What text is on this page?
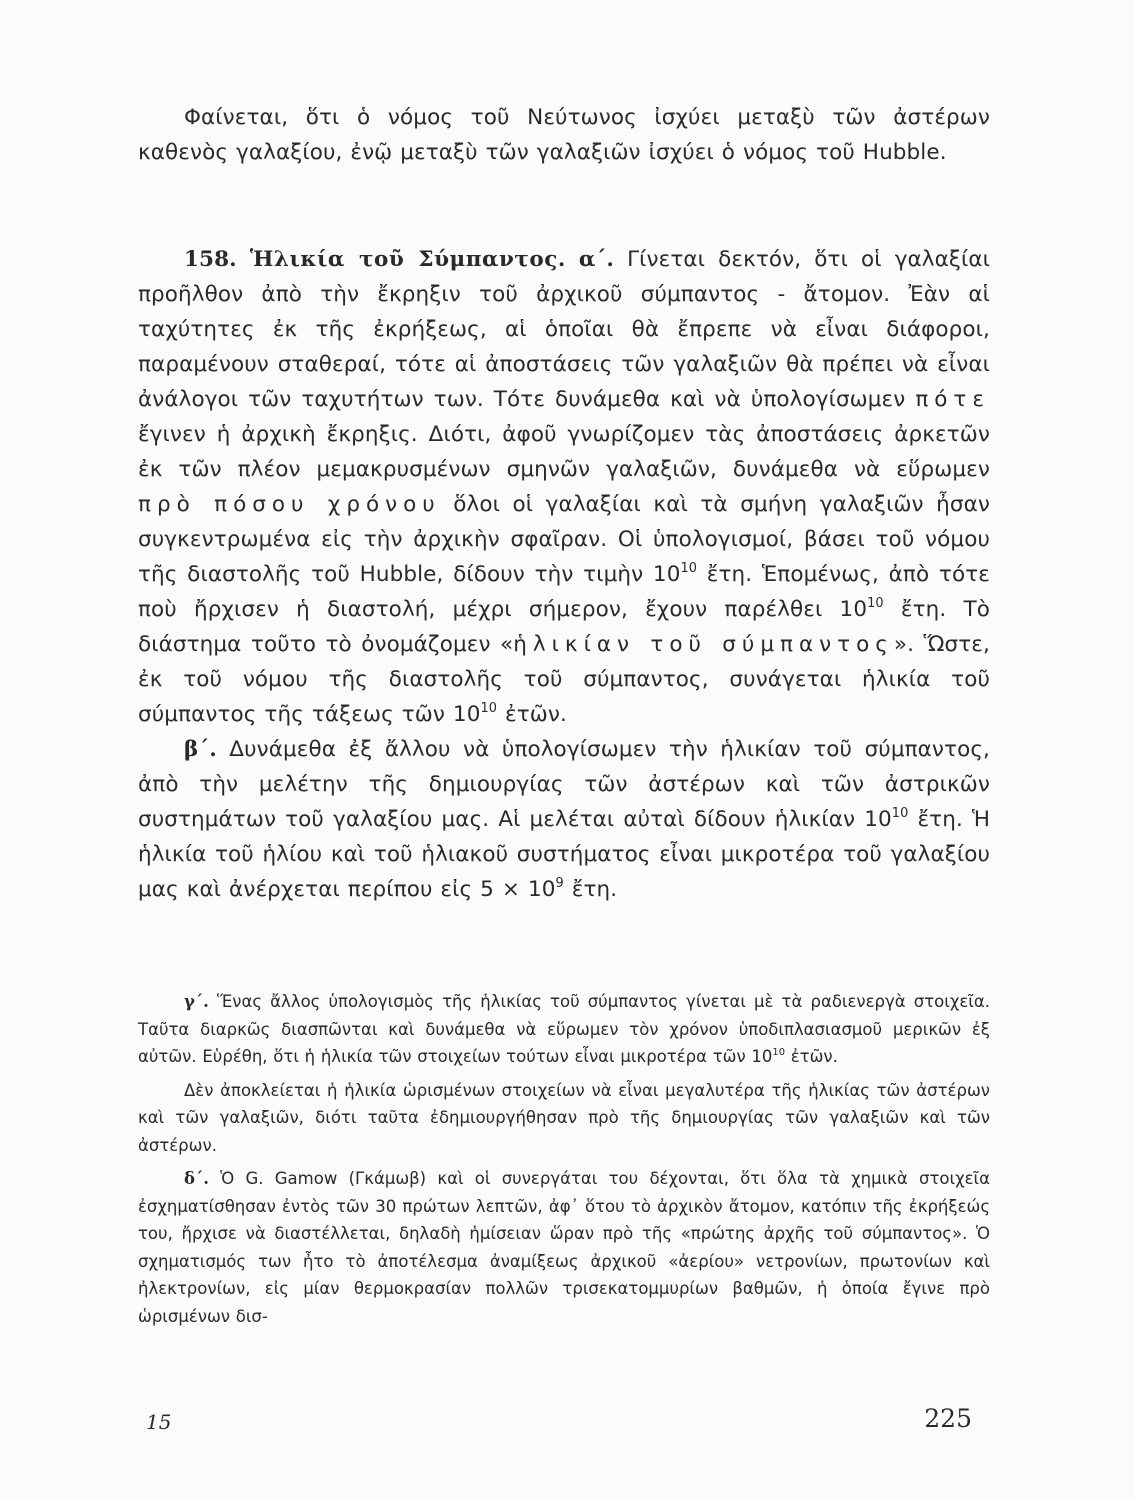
Φαίνεται, ὅτι ὁ νόμος τοῦ Νεύτωνος ἰσχύει μεταξὺ τῶν ἀστέρων καθενὸς γαλαξίου, ἐνῷ μεταξὺ τῶν γαλαξιῶν ἰσχύει ὁ νόμος τοῦ Hubble.

158. Ἡλικία τοῦ Σύμπαντος. α΄. Γίνεται δεκτόν, ὅτι οἱ γαλαξίαι προῆλθον ἀπὸ τὴν ἔκρηξιν τοῦ ἀρχικοῦ σύμπαντος - ἄτομον. Ἐὰν αἱ ταχύτητες ἐκ τῆς ἐκρήξεως, αἱ ὁποῖαι θὰ ἔπρεπε νὰ εἶναι διάφοροι, παραμένουν σταθεραί, τότε αἱ ἀποστάσεις τῶν γαλαξιῶν θὰ πρέπει νὰ εἶναι ἀνάλογοι τῶν ταχυτήτων των. Τότε δυνάμεθα καὶ νὰ ὑπολογίσωμεν πότε ἔγινεν ἡ ἀρχικὴ ἔκρηξις. Διότι, ἀφοῦ γνωρίζομεν τὰς ἀποστάσεις ἀρκετῶν ἐκ τῶν πλέον μεμακρυσμένων σμηνῶν γαλαξιῶν, δυνάμεθα νὰ εὕρωμεν πρὸ πόσου χρόνου ὅλοι οἱ γαλαξίαι καὶ τὰ σμήνη γαλαξιῶν ἦσαν συγκεντρωμένα εἰς τὴν ἀρχικὴν σφαῖραν. Οἱ ὑπολογισμοί, βάσει τοῦ νόμου τῆς διαστολῆς τοῦ Hubble, δίδουν τὴν τιμὴν $10^{10}$ ἔτη. Ἑπομένως, ἀπὸ τότε ποὺ ἤρχισεν ἡ διαστολή, μέχρι σήμερον, ἔχουν παρέλθει $10^{10}$ ἔτη. Τὸ διάστημα τοῦτο τὸ ὀνομάζομεν «ἡλικίαν τοῦ σύμπαντος». Ὥστε, ἐκ τοῦ νόμου τῆς διαστολῆς τοῦ σύμπαντος, συνάγεται ἡλικία τοῦ σύμπαντος τῆς τάξεως τῶν $10^{10}$ ἐτῶν.

β΄. Δυνάμεθα ἐξ ἄλλου νὰ ὑπολογίσωμεν τὴν ἡλικίαν τοῦ σύμπαντος, ἀπὸ τὴν μελέτην τῆς δημιουργίας τῶν ἀστέρων καὶ τῶν ἀστρικῶν συστημάτων τοῦ γαλαξίου μας. Αἱ μελέται αὐταὶ δίδουν ἡλικίαν $10^{10}$ ἔτη. Ἡ ἡλικία τοῦ ἡλίου καὶ τοῦ ἡλιακοῦ συστήματος εἶναι μικροτέρα τοῦ γαλαξίου μας καὶ ἀνέρχεται περίπου εἰς $5 \times 10^9$ ἔτη.

γ΄. Ἕνας ἄλλος ὑπολογισμὸς τῆς ἡλικίας τοῦ σύμπαντος γίνεται μὲ τὰ ραδιενεργὰ στοιχεῖα. Ταῦτα διαρκῶς διασπῶνται καὶ δυνάμεθα νὰ εὕρωμεν τὸν χρόνον ὑποδιπλασιασμοῦ μερικῶν ἐξ αὐτῶν. Εὑρέθη, ὅτι ἡ ἡλικία τῶν στοιχείων τούτων εἶναι μικροτέρα τῶν $10^{10}$ ἐτῶν.

Δὲν ἀποκλείεται ἡ ἡλικία ὡρισμένων στοιχείων νὰ εἶναι μεγαλυτέρα τῆς ἡλικίας τῶν ἀστέρων καὶ τῶν γαλαξιῶν, διότι ταῦτα ἐδημιουργήθησαν πρὸ τῆς δημιουργίας τῶν γαλαξιῶν καὶ τῶν ἀστέρων.

δ΄. Ὁ G. Gamow (Γκάμωβ) καὶ οἱ συνεργάται του δέχονται, ὅτι ὅλα τὰ χημικὰ στοιχεῖα ἐσχηματίσθησαν ἐντὸς τῶν 30 πρώτων λεπτῶν, ἀφ᾽ ὅτου τὸ ἀρχικὸν ἄτομον, κατόπιν τῆς ἐκρήξεώς του, ἤρχισε νὰ διαστέλλεται, δηλαδὴ ἡμίσειαν ὥραν πρὸ τῆς «πρώτης ἀρχῆς τοῦ σύμπαντος». Ὁ σχηματισμός των ἦτο τὸ ἀποτέλεσμα ἀναμίξεως ἀρχικοῦ «ἀερίου» νετρονίων, πρωτονίων καὶ ἠλεκτρονίων, εἰς μίαν θερμοκρασίαν πολλῶν τρισεκατομμυρίων βαθμῶν, ἡ ὁποία ἔγινε πρὸ ὡρισμένων δισ-

15	225
